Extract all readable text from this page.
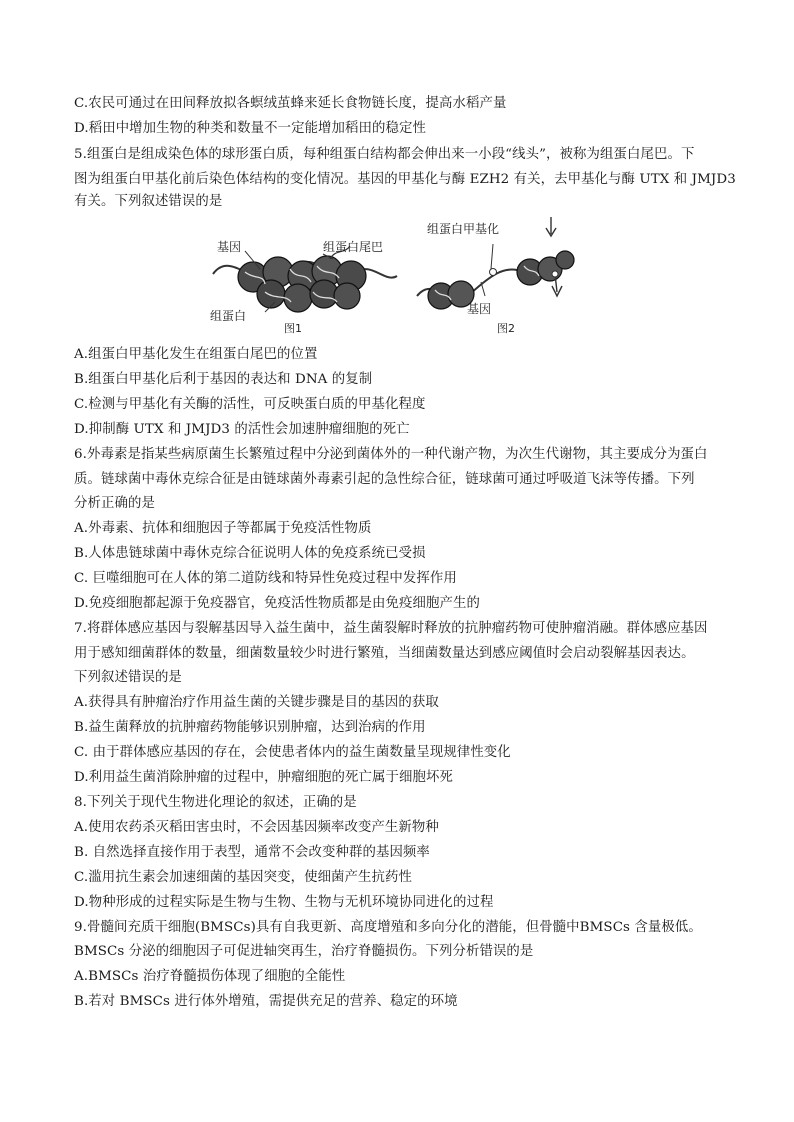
C.农民可通过在田间释放拟各螟绒茧蜂来延长食物链长度，提高水稻产量
D.稻田中增加生物的种类和数量不一定能增加稻田的稳定性
5.组蛋白是组成染色体的球形蛋白质，每种组蛋白结构都会伸出来一小段“线头”，被称为组蛋白尾巴。下
图为组蛋白甲基化前后染色体结构的变化情况。基因的甲基化与酶 EZH2 有关，去甲基化与酶 UTX 和 JMJD3
有关。下列叙述错误的是
基因	组蛋白尾巴
组蛋白
图1
组蛋白甲基化
基因
图2
A.组蛋白甲基化发生在组蛋白尾巴的位置
B.组蛋白甲基化后利于基因的表达和 DNA 的复制
C.检测与甲基化有关酶的活性，可反映蛋白质的甲基化程度
D.抑制酶 UTX 和 JMJD3 的活性会加速肿瘤细胞的死亡
6.外毒素是指某些病原菌生长繁殖过程中分泌到菌体外的一种代谢产物，为次生代谢物，其主要成分为蛋白
质。链球菌中毒休克综合征是由链球菌外毒素引起的急性综合征，链球菌可通过呼吸道飞沫等传播。下列
分析正确的是
A.外毒素、抗体和细胞因子等都属于免疫活性物质
B.人体患链球菌中毒休克综合征说明人体的免疫系统已受损
C. 巨噬细胞可在人体的第二道防线和特异性免疫过程中发挥作用
D.免疫细胞都起源于免疫器官，免疫活性物质都是由免疫细胞产生的
7.将群体感应基因与裂解基因导入益生菌中，益生菌裂解时释放的抗肿瘤药物可使肿瘤消融。群体感应基因
用于感知细菌群体的数量，细菌数量较少时进行繁殖，当细菌数量达到感应阈值时会启动裂解基因表达。
下列叙述错误的是
A.获得具有肿瘤治疗作用益生菌的关键步骤是目的基因的获取
B.益生菌释放的抗肿瘤药物能够识别肿瘤，达到治病的作用
C. 由于群体感应基因的存在，会使患者体内的益生菌数量呈现规律性变化
D.利用益生菌消除肿瘤的过程中，肿瘤细胞的死亡属于细胞坏死
8.下列关于现代生物进化理论的叙述，正确的是
A.使用农药杀灭稻田害虫时，不会因基因频率改变产生新物种
B. 自然选择直接作用于表型，通常不会改变种群的基因频率
C.滥用抗生素会加速细菌的基因突变，使细菌产生抗药性
D.物种形成的过程实际是生物与生物、生物与无机环境协同进化的过程
9.骨髓间充质干细胞(BMSCs)具有自我更新、高度增殖和多向分化的潜能，但骨髓中BMSCs 含量极低。
BMSCs 分泌的细胞因子可促进轴突再生，治疗脊髓损伤。下列分析错误的是
A.BMSCs 治疗脊髓损伤体现了细胞的全能性
B.若对 BMSCs 进行体外增殖，需提供充足的营养、稳定的环境
